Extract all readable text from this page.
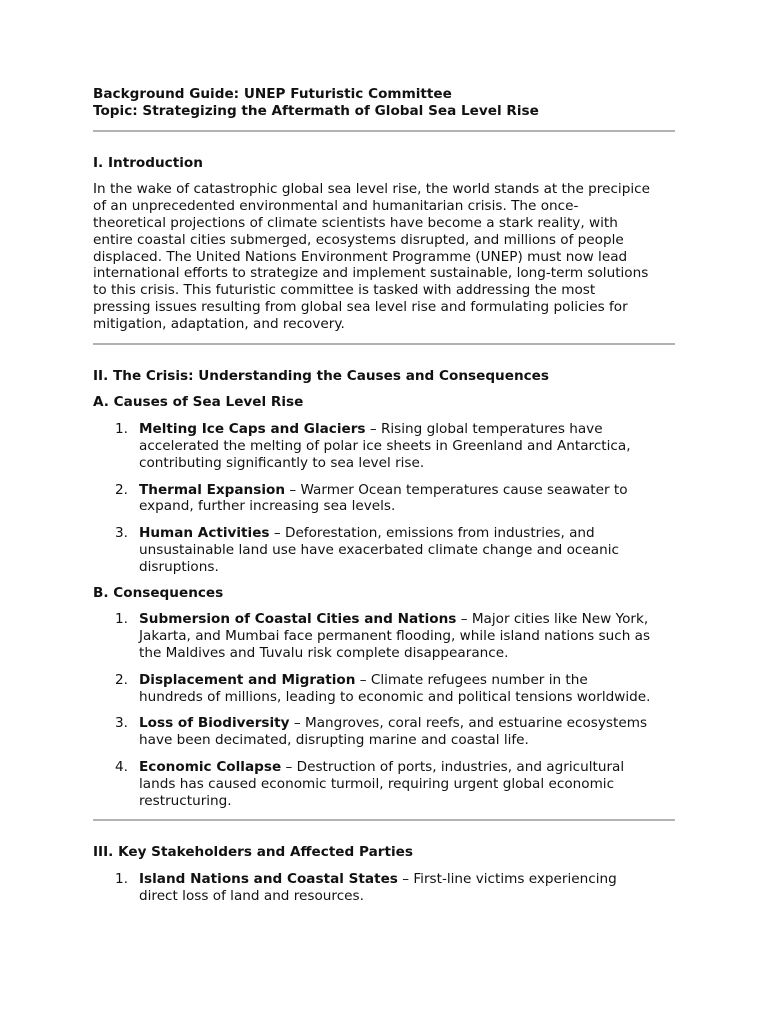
Background Guide: UNEP Futuristic Committee
Topic: Strategizing the Aftermath of Global Sea Level Rise
I. Introduction
In the wake of catastrophic global sea level rise, the world stands at the precipice
of an unprecedented environmental and humanitarian crisis. The once-
theoretical projections of climate scientists have become a stark reality, with
entire coastal cities submerged, ecosystems disrupted, and millions of people
displaced. The United Nations Environment Programme (UNEP) must now lead
international efforts to strategize and implement sustainable, long-term solutions
to this crisis. This futuristic committee is tasked with addressing the most
pressing issues resulting from global sea level rise and formulating policies for
mitigation, adaptation, and recovery.
II. The Crisis: Understanding the Causes and Consequences
A. Causes of Sea Level Rise
1. Melting Ice Caps and Glaciers – Rising global temperatures have
accelerated the melting of polar ice sheets in Greenland and Antarctica,
contributing significantly to sea level rise.
2. Thermal Expansion – Warmer Ocean temperatures cause seawater to
expand, further increasing sea levels.
3. Human Activities – Deforestation, emissions from industries, and
unsustainable land use have exacerbated climate change and oceanic
disruptions.
B. Consequences
1. Submersion of Coastal Cities and Nations – Major cities like New York,
Jakarta, and Mumbai face permanent flooding, while island nations such as
the Maldives and Tuvalu risk complete disappearance.
2. Displacement and Migration – Climate refugees number in the
hundreds of millions, leading to economic and political tensions worldwide.
3. Loss of Biodiversity – Mangroves, coral reefs, and estuarine ecosystems
have been decimated, disrupting marine and coastal life.
4. Economic Collapse – Destruction of ports, industries, and agricultural
lands has caused economic turmoil, requiring urgent global economic
restructuring.
III. Key Stakeholders and Affected Parties
1. Island Nations and Coastal States – First-line victims experiencing
direct loss of land and resources.
